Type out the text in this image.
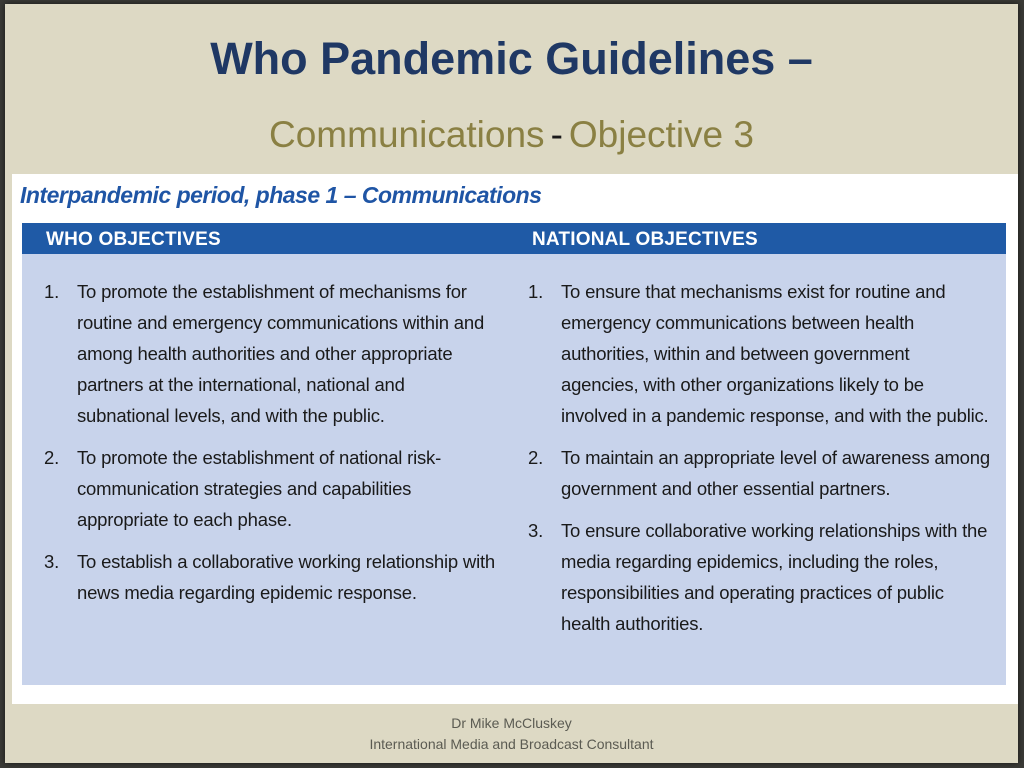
Who Pandemic Guidelines –
Communications - Objective 3
Interpandemic period, phase 1 – Communications
WHO OBJECTIVES	NATIONAL OBJECTIVES
1. To promote the establishment of mechanisms for routine and emergency communications within and among health authorities and other appropriate partners at the international, national and subnational levels, and with the public.
2. To promote the establishment of national risk-communication strategies and capabilities appropriate to each phase.
3. To establish a collaborative working relationship with news media regarding epidemic response.
1. To ensure that mechanisms exist for routine and emergency communications between health authorities, within and between government agencies, with other organizations likely to be involved in a pandemic response, and with the public.
2. To maintain an appropriate level of awareness among government and other essential partners.
3. To ensure collaborative working relationships with the media regarding epidemics, including the roles, responsibilities and operating practices of public health authorities.
Dr Mike McCluskey
International Media and Broadcast Consultant
